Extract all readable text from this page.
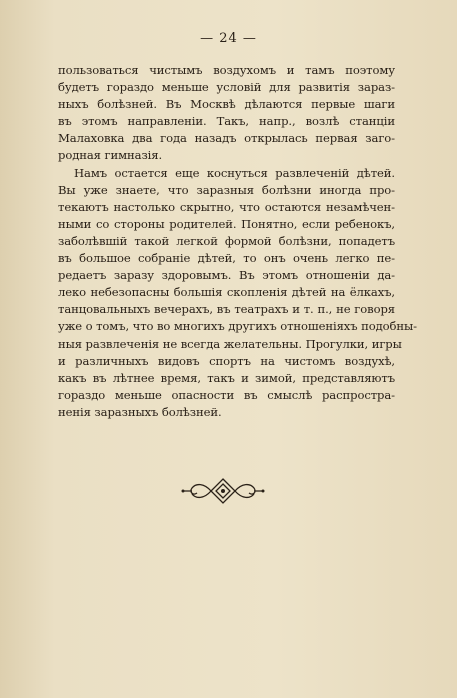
— 24 —
пользоваться чистымъ воздухомъ и тамъ поэтому
будетъ гораздо меньше условій для развитія зараз-
ныхъ болѣзней. Въ Москвѣ дѣлаются первые шаги
въ этомъ направленіи. Такъ, напр., возлѣ станціи
Малаховка два года назадъ открылась первая заго-
родная гимназія.
Намъ остается еще коснуться развлеченій дѣтей.
Вы уже знаете, что заразныя болѣзни иногда про-
текаютъ настолько скрытно, что остаются незамѣчен-
ными со стороны родителей. Понятно, если ребенокъ,
заболѣвшій такой легкой формой болѣзни, попадетъ
въ большое собраніе дѣтей, то онъ очень легко пе-
редаетъ заразу здоровымъ. Въ этомъ отношеніи да-
лекo небезопасны большія скопленія дѣтей на ёлкахъ,
танцовальныхъ вечерахъ, въ театрахъ и т. п., не говоря
уже о томъ, что во многихъ другихъ отношеніяхъ подобны-
ныя развлеченія не всегда желательны. Прогулки, игры
и различныхъ видовъ спортъ на чистомъ воздухѣ,
какъ въ лѣтнее время, такъ и зимой, представляютъ
гораздо меньше опасности въ смыслѣ распростра-
ненія заразныхъ болѣзней.
